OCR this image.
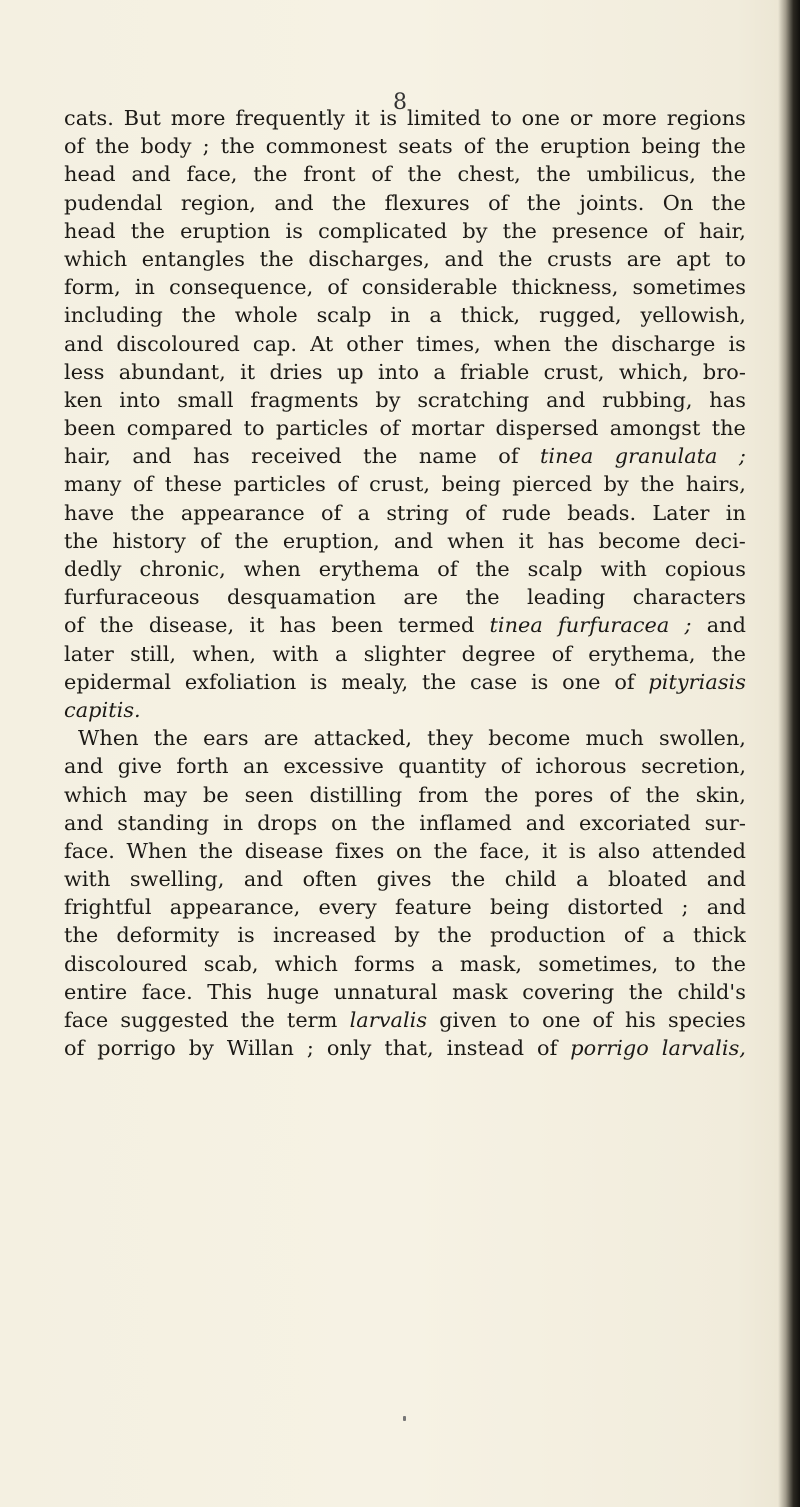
8
cats. But more frequently it is limited to one or more regions
of the body ; the commonest seats of the eruption being the
head and face, the front of the chest, the umbilicus, the
pudendal region, and the flexures of the joints. On the
head the eruption is complicated by the presence of hair,
which entangles the discharges, and the crusts are apt to
form, in consequence, of considerable thickness, sometimes
including the whole scalp in a thick, rugged, yellowish,
and discoloured cap. At other times, when the discharge is
less abundant, it dries up into a friable crust, which, bro-
ken into small fragments by scratching and rubbing, has
been compared to particles of mortar dispersed amongst the
hair, and has received the name of tinea granulata ;
many of these particles of crust, being pierced by the hairs,
have the appearance of a string of rude beads. Later in
the history of the eruption, and when it has become deci-
dedly chronic, when erythema of the scalp with copious
furfuraceous desquamation are the leading characters
of the disease, it has been termed tinea furfuracea ; and
later still, when, with a slighter degree of erythema, the
epidermal exfoliation is mealy, the case is one of pityriasis
capitis.
When the ears are attacked, they become much swollen,
and give forth an excessive quantity of ichorous secretion,
which may be seen distilling from the pores of the skin,
and standing in drops on the inflamed and excoriated sur-
face. When the disease fixes on the face, it is also attended
with swelling, and often gives the child a bloated and
frightful appearance, every feature being distorted ; and
the deformity is increased by the production of a thick
discoloured scab, which forms a mask, sometimes, to the
entire face. This huge unnatural mask covering the child's
face suggested the term larvalis given to one of his species
of porrigo by Willan ; only that, instead of porrigo larvalis,
